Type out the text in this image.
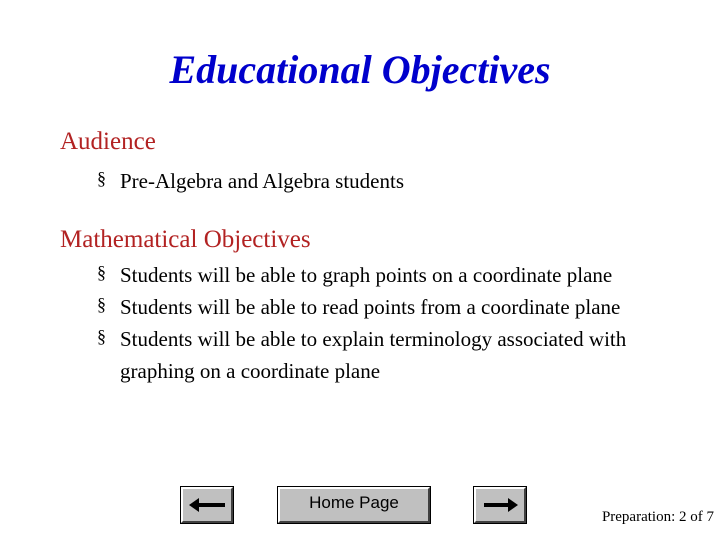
Educational Objectives

Audience

§
Pre-Algebra and Algebra students

Mathematical Objectives

§
Students will be able to graph points on a coordinate plane
§
Students will be able to read points from a coordinate plane
§
Students will be able to explain terminology associated with graphing on a coordinate plane
Home Page
Preparation: 2 of 7
